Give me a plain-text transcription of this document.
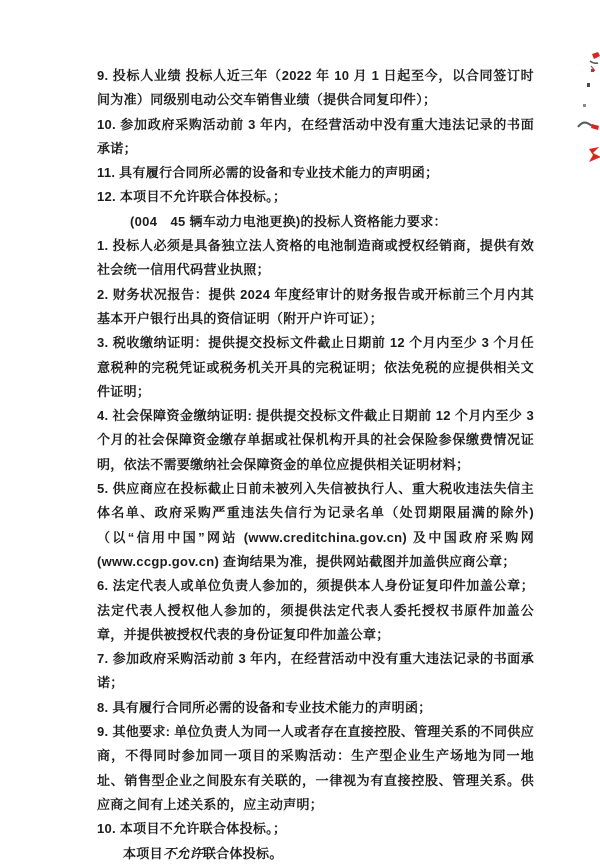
9. 投标人业绩 投标人近三年（2022 年 10 月 1 日起至今，以合同签订时间为准）同级别电动公交车销售业绩（提供合同复印件）；

10. 参加政府采购活动前 3 年内，在经营活动中没有重大违法记录的书面承诺；

11. 具有履行合同所必需的设备和专业技术能力的声明函；

12. 本项目不允许联合体投标。；

(004　45 辆车动力电池更换)的投标人资格能力要求：

1. 投标人必须是具备独立法人资格的电池制造商或授权经销商，提供有效社会统一信用代码营业执照；

2. 财务状况报告：提供 2024 年度经审计的财务报告或开标前三个月内其基本开户银行出具的资信证明（附开户许可证）；

3. 税收缴纳证明：提供提交投标文件截止日期前 12 个月内至少 3 个月任意税种的完税凭证或税务机关开具的完税证明；依法免税的应提供相关文件证明；

4. 社会保障资金缴纳证明: 提供提交投标文件截止日期前 12 个月内至少 3 个月的社会保障资金缴存单据或社保机构开具的社会保险参保缴费情况证明，依法不需要缴纳社会保障资金的单位应提供相关证明材料；

5. 供应商应在投标截止日前未被列入失信被执行人、重大税收违法失信主体名单、政府采购严重违法失信行为记录名单（处罚期限届满的除外)（以“信用中国”网站 (www.creditchina.gov.cn) 及中国政府采购网 (www.ccgp.gov.cn) 查询结果为准，提供网站截图并加盖供应商公章；

6. 法定代表人或单位负责人参加的，须提供本人身份证复印件加盖公章；法定代表人授权他人参加的，须提供法定代表人委托授权书原件加盖公章，并提供被授权代表的身份证复印件加盖公章；

7. 参加政府采购活动前 3 年内，在经营活动中没有重大违法记录的书面承诺；

8. 具有履行合同所必需的设备和专业技术能力的声明函；

9. 其他要求: 单位负责人为同一人或者存在直接控股、管理关系的不同供应商，不得同时参加同一项目的采购活动：生产型企业生产场地为同一地址、销售型企业之间股东有关联的，一律视为有直接控股、管理关系。供应商之间有上述关系的，应主动声明；

10. 本项目不允许联合体投标。；

本项目不允许联合体投标。
